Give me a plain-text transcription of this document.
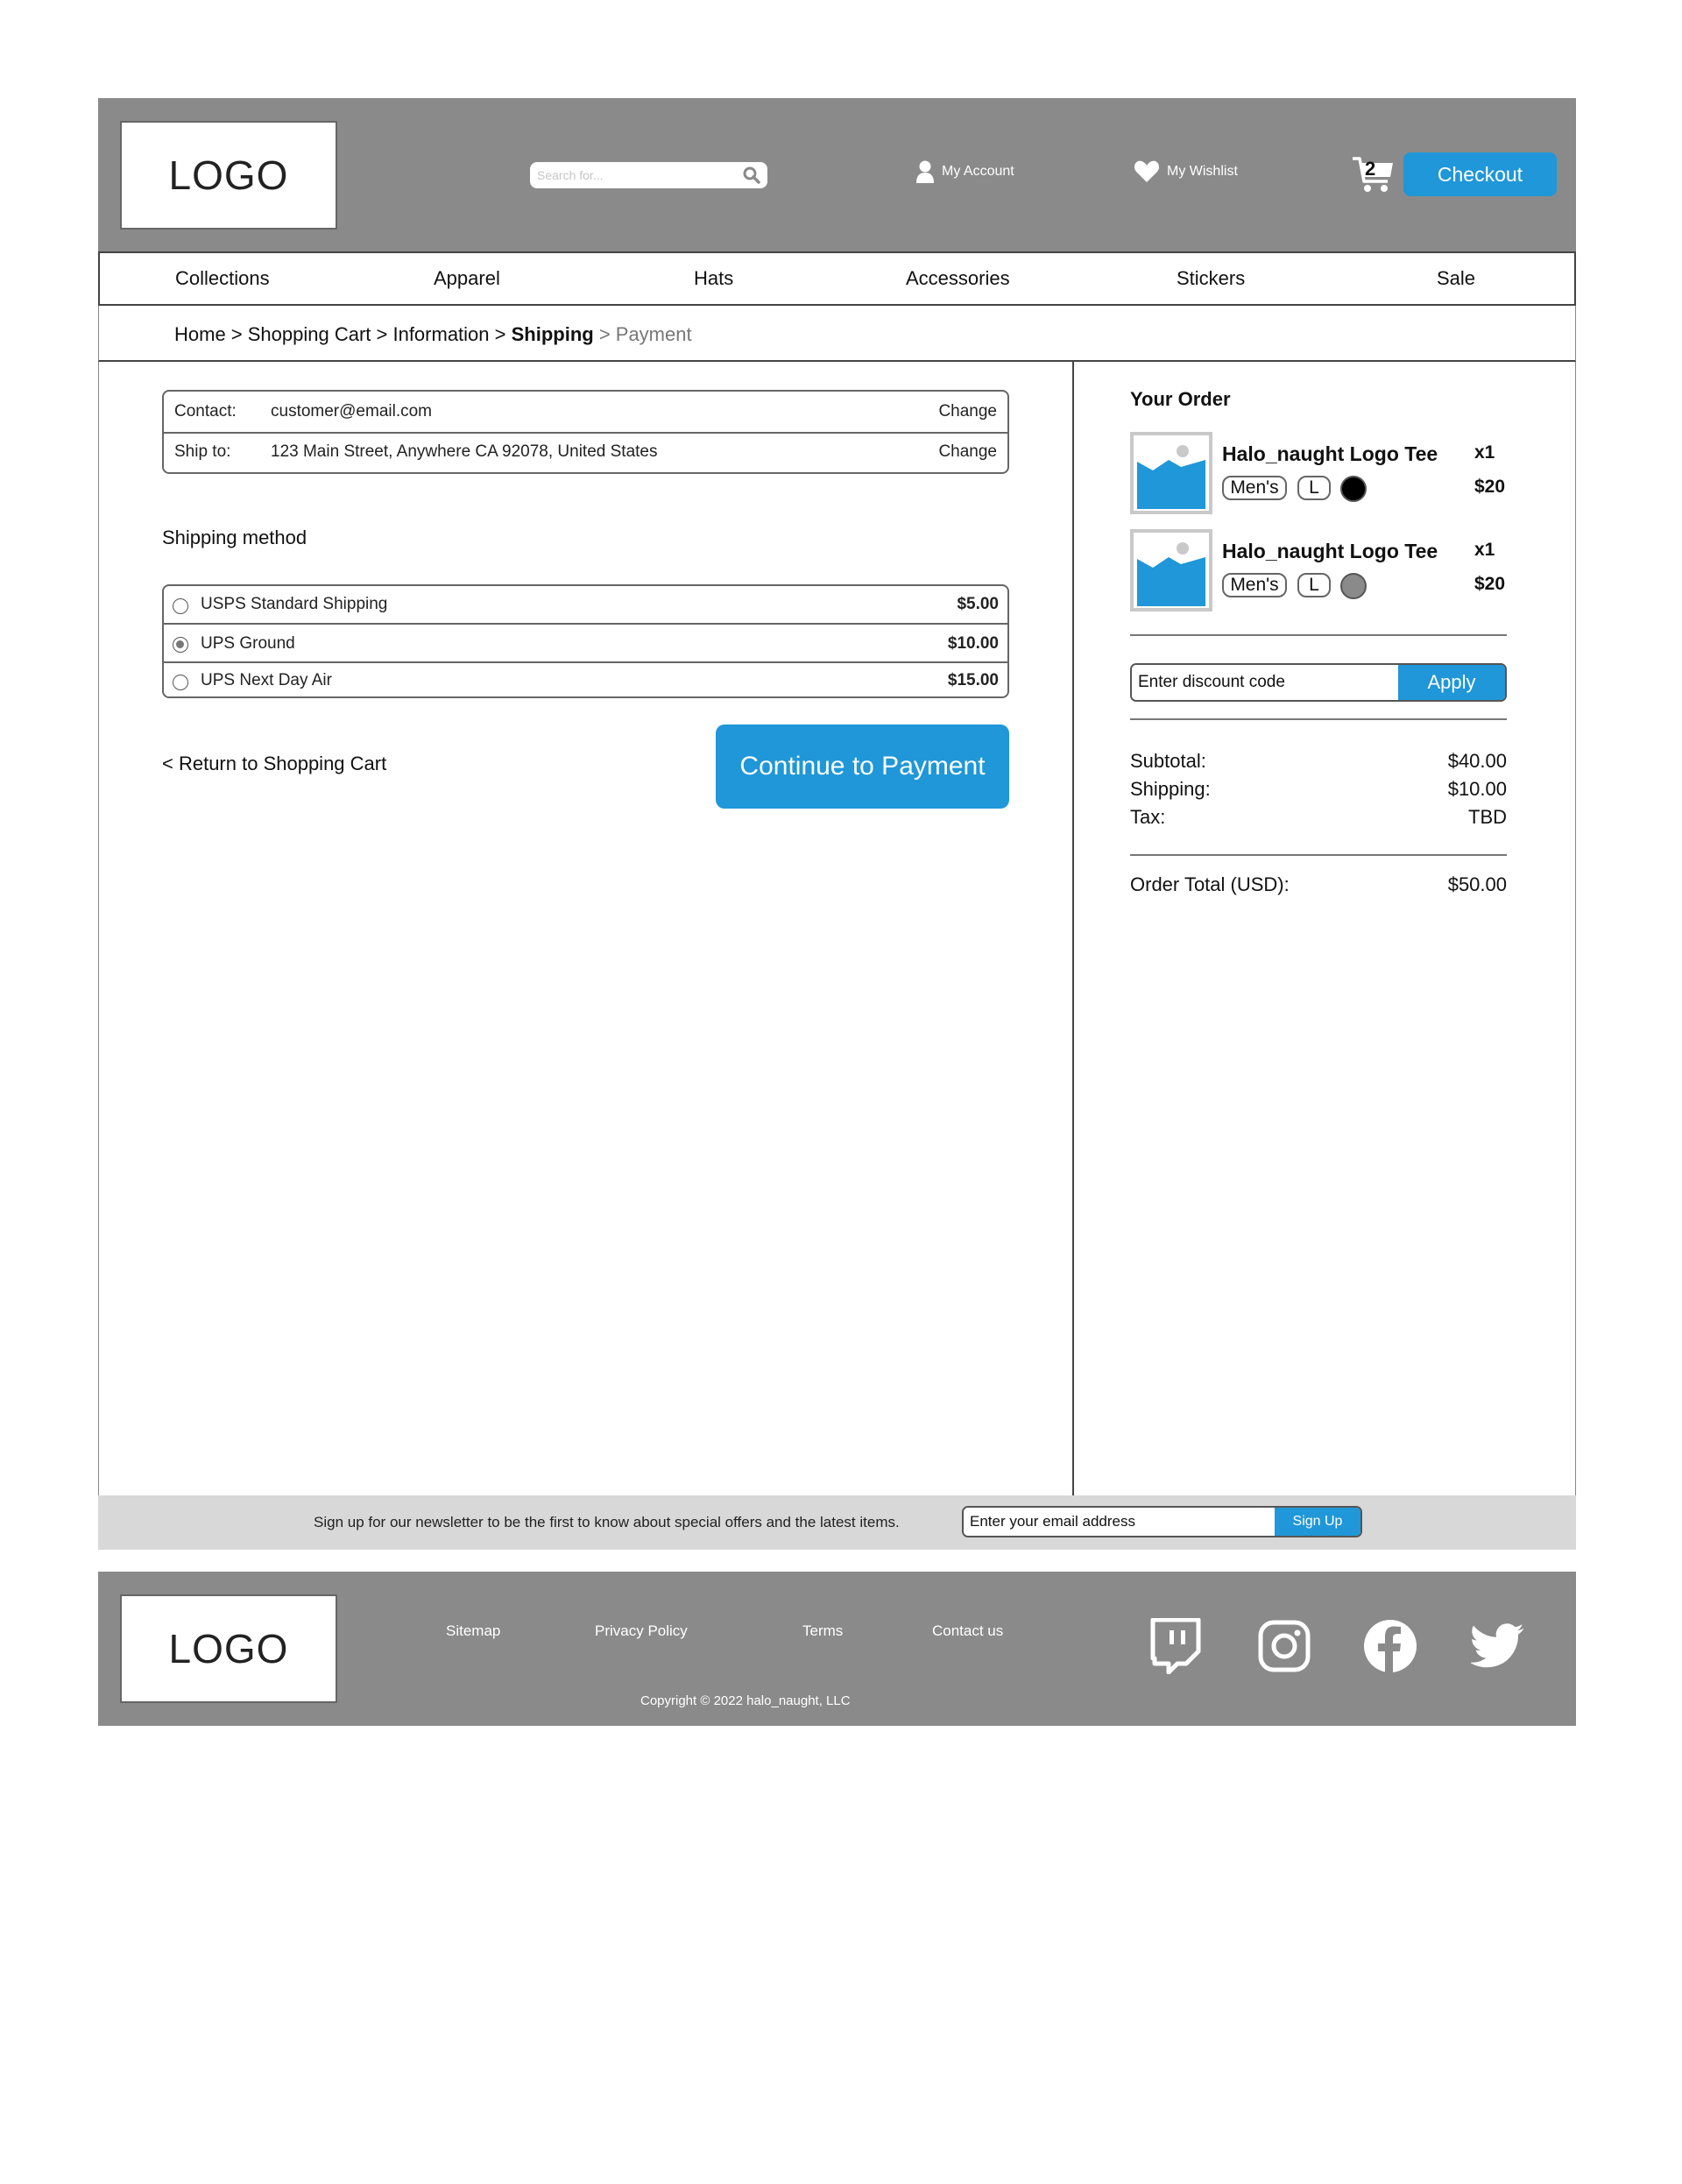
LOGO
Search for...	My Account	My Wishlist	2	Checkout
Collections	Apparel	Hats	Accessories	Stickers	Sale
Home > Shopping Cart > Information > Shipping > Payment
Contact: customer@email.com	Change
Ship to: 123 Main Street, Anywhere CA 92078, United States	Change
Shipping method
USPS Standard Shipping	$5.00
UPS Ground	$10.00
UPS Next Day Air	$15.00
< Return to Shopping Cart	Continue to Payment
Your Order
Halo_naught Logo Tee x1
Men's	L	$20
Halo_naught Logo Tee x1
Men's	L	$20
Enter discount code
Apply
Subtotal:	$40.00
Shipping:	$10.00
Tax:	TBD
Order Total (USD):	$50.00
Sign up for our newsletter to be the first to know about special offers and the latest items.
Enter your email address	Sign Up
LOGO	Sitemap	Privacy Policy	Terms	Contact us
Copyright © 2022 halo_naught, LLC
